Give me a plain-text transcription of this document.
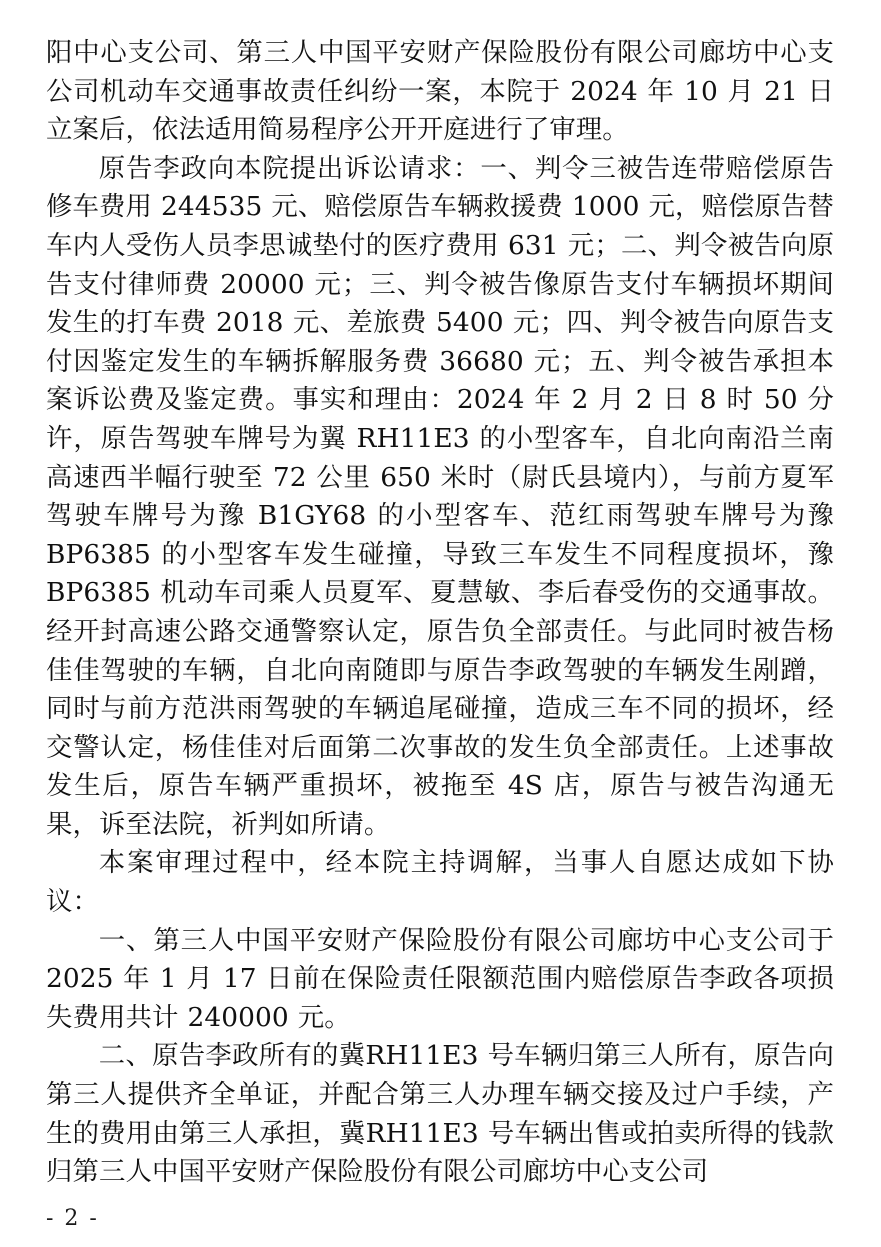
阳中心支公司、第三人中国平安财产保险股份有限公司廊坊中心支公司机动车交通事故责任纠纷一案，本院于 2024 年 10 月 21 日立案后，依法适用简易程序公开开庭进行了审理。

原告李政向本院提出诉讼请求：一、判令三被告连带赔偿原告修车费用 244535 元、赔偿原告车辆救援费 1000 元，赔偿原告替车内人受伤人员李思诚垫付的医疗费用 631 元；二、判令被告向原告支付律师费 20000 元；三、判令被告像原告支付车辆损坏期间发生的打车费 2018 元、差旅费 5400 元；四、判令被告向原告支付因鉴定发生的车辆拆解服务费 36680 元；五、判令被告承担本案诉讼费及鉴定费。事实和理由：2024 年 2 月 2 日 8 时 50 分许，原告驾驶车牌号为翼 RH11E3 的小型客车，自北向南沿兰南高速西半幅行驶至 72 公里 650 米时（尉氏县境内），与前方夏军驾驶车牌号为豫 B1GY68 的小型客车、范红雨驾驶车牌号为豫 BP6385 的小型客车发生碰撞，导致三车发生不同程度损坏，豫 BP6385 机动车司乘人员夏军、夏慧敏、李后春受伤的交通事故。经开封高速公路交通警察认定，原告负全部责任。与此同时被告杨佳佳驾驶的车辆，自北向南随即与原告李政驾驶的车辆发生剐蹭，同时与前方范洪雨驾驶的车辆追尾碰撞，造成三车不同的损坏，经交警认定，杨佳佳对后面第二次事故的发生负全部责任。上述事故发生后，原告车辆严重损坏，被拖至 4S 店，原告与被告沟通无果，诉至法院，祈判如所请。

本案审理过程中，经本院主持调解，当事人自愿达成如下协议：

一、第三人中国平安财产保险股份有限公司廊坊中心支公司于 2025 年 1 月 17 日前在保险责任限额范围内赔偿原告李政各项损失费用共计 240000 元。

二、原告李政所有的冀RH11E3 号车辆归第三人所有，原告向第三人提供齐全单证，并配合第三人办理车辆交接及过户手续，产生的费用由第三人承担，冀RH11E3 号车辆出售或拍卖所得的钱款归第三人中国平安财产保险股份有限公司廊坊中心支公司

- 2 -
